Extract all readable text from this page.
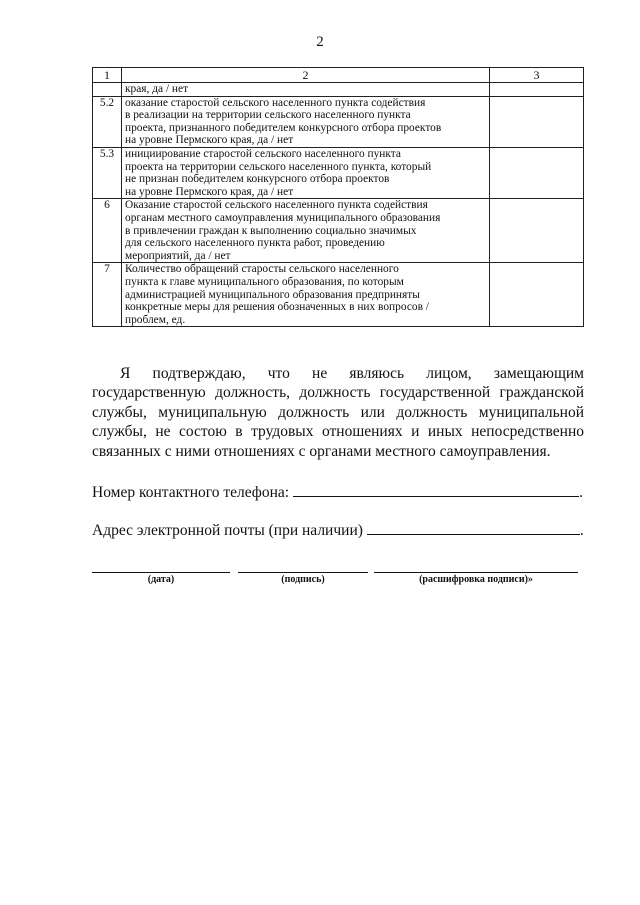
2
1	2	3
	края, да / нет	
5.2	оказание старостой сельского населенного пункта содействия
в реализации на территории сельского населенного пункта
проекта, признанного победителем конкурсного отбора проектов
на уровне Пермского края, да / нет	
5.3	инициирование старостой сельского населенного пункта
проекта на территории сельского населенного пункта, который
не признан победителем конкурсного отбора проектов
на уровне Пермского края, да / нет	
6	Оказание старостой сельского населенного пункта содействия
органам местного самоуправления муниципального образования
в привлечении граждан к выполнению социально значимых
для сельского населенного пункта работ, проведению
мероприятий, да / нет	
7	Количество обращений старосты сельского населенного
пункта к главе муниципального образования, по которым
администрацией муниципального образования предприняты
конкретные меры для решения обозначенных в них вопросов /
проблем, ед.	
Я подтверждаю, что не являюсь лицом, замещающим государственную должность, должность государственной гражданской службы, муниципальную должность или должность муниципальной службы, не состою в трудовых отношениях и иных непосредственно связанных с ними отношениях с органами местного самоуправления.
Номер контактного телефона:	.
Адрес электронной почты (при наличии)	.
(дата)	(подпись)	(расшифровка подписи)»
